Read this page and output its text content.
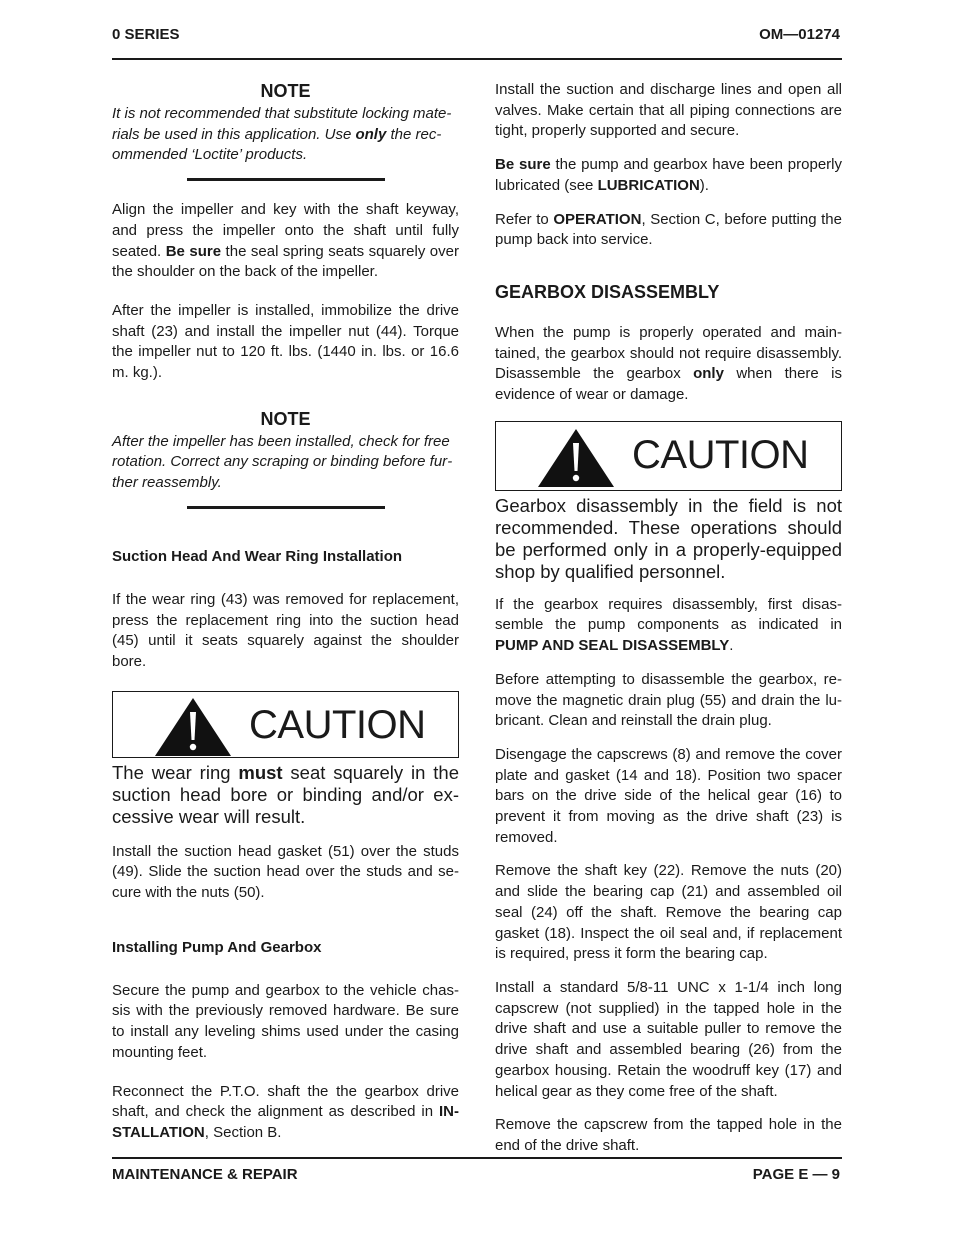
0 SERIES	OM—01274
NOTE

It is not recommended that substitute locking materials be used in this application. Use only the recommended ‘Loctite’ products.

Align the impeller and key with the shaft keyway, and press the impeller onto the shaft until fully seated. Be sure the seal spring seats squarely over the shoulder on the back of the impeller.

After the impeller is installed, immobilize the drive shaft (23) and install the impeller nut (44). Torque the impeller nut to 120 ft. lbs. (1440 in. lbs. or 16.6 m. kg.).

NOTE

After the impeller has been installed, check for free rotation. Correct any scraping or binding before further reassembly.

Suction Head And Wear Ring Installation

If the wear ring (43) was removed for replacement, press the replacement ring into the suction head (45) until it seats squarely against the shoulder bore.

CAUTION

The wear ring must seat squarely in the suction head bore or binding and/or excessive wear will result.

Install the suction head gasket (51) over the studs (49). Slide the suction head over the studs and secure with the nuts (50).

Installing Pump And Gearbox

Secure the pump and gearbox to the vehicle chassis with the previously removed hardware. Be sure to install any leveling shims used under the casing mounting feet.

Reconnect the P.T.O. shaft the the gearbox drive shaft, and check the alignment as described in INSTALLATION, Section B.

Install the suction and discharge lines and open all valves. Make certain that all piping connections are tight, properly supported and secure.

Be sure the pump and gearbox have been properly lubricated (see LUBRICATION).

Refer to OPERATION, Section C, before putting the pump back into service.

GEARBOX DISASSEMBLY

When the pump is properly operated and maintained, the gearbox should not require disassembly. Disassemble the gearbox only when there is evidence of wear or damage.

CAUTION

Gearbox disassembly in the field is not recommended. These operations should be performed only in a properly-equipped shop by qualified personnel.

If the gearbox requires disassembly, first disassemble the pump components as indicated in PUMP AND SEAL DISASSEMBLY.

Before attempting to disassemble the gearbox, remove the magnetic drain plug (55) and drain the lubricant. Clean and reinstall the drain plug.

Disengage the capscrews (8) and remove the cover plate and gasket (14 and 18). Position two spacer bars on the drive side of the helical gear (16) to prevent it from moving as the drive shaft (23) is removed.

Remove the shaft key (22). Remove the nuts (20) and slide the bearing cap (21) and assembled oil seal (24) off the shaft. Remove the bearing cap gasket (18). Inspect the oil seal and, if replacement is required, press it form the bearing cap.

Install a standard 5/8-11 UNC x 1-1/4 inch long capscrew (not supplied) in the tapped hole in the drive shaft and use a suitable puller to remove the drive shaft and assembled bearing (26) from the gearbox housing. Retain the woodruff key (17) and helical gear as they come free of the shaft.

Remove the capscrew from the tapped hole in the end of the drive shaft.

MAINTENANCE & REPAIR	PAGE E — 9
